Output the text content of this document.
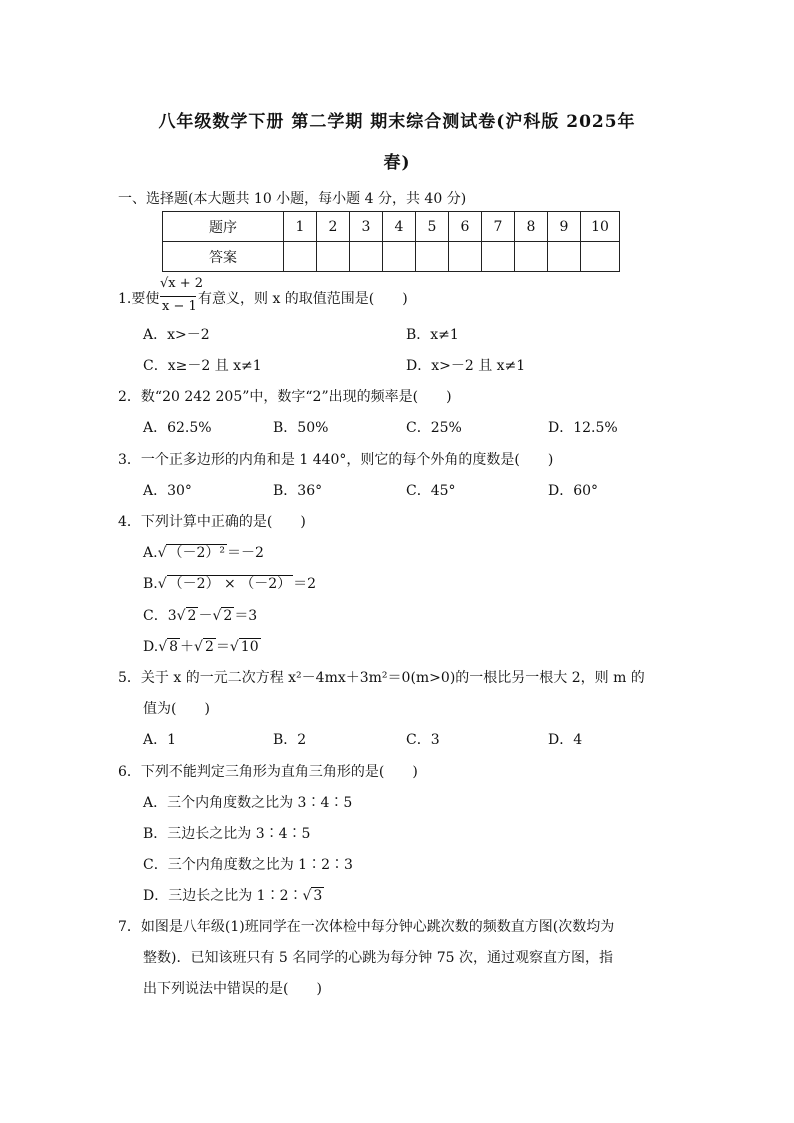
八年级数学下册 第二学期 期末综合测试卷(沪科版 2025年
春)
一、选择题(本大题共 10 小题，每小题 4 分，共 40 分)
题序	1	2	3	4	5	6	7	8	9	10
答案										
1.要使
√x + 2
x − 1 有意义，则 x 的取值范围是(　　)
A．x>－2	B．x≠1
C．x≥－2 且 x≠1	D．x>－2 且 x≠1
2．数“20 242 205”中，数字“2”出现的频率是(　　)
A．62.5%	B．50%	C．25%	D．12.5%
3．一个正多边形的内角和是 1 440°，则它的每个外角的度数是(　　)
A．30°	B．36°	C．45°	D．60°
4．下列计算中正确的是(　　)
A.√ （－2）² ＝－2
B.√ （－2） × （－2） ＝2
C．3√ 2 －√ 2 ＝3
D.√ 8 ＋√ 2 ＝√ 10
5．关于 x 的一元二次方程 x²－4mx＋3m²＝0(m>0)的一根比另一根大 2，则 m 的
值为(　　)
A．1	B．2	C．3	D．4
6．下列不能判定三角形为直角三角形的是(　　)
A．三个内角度数之比为 3∶4∶5
B．三边长之比为 3∶4∶5
C．三个内角度数之比为 1∶2∶3
D．三边长之比为 1∶2∶√ 3
7．如图是八年级(1)班同学在一次体检中每分钟心跳次数的频数直方图(次数均为
整数)．已知该班只有 5 名同学的心跳为每分钟 75 次，通过观察直方图，指
出下列说法中错误的是(　　)
